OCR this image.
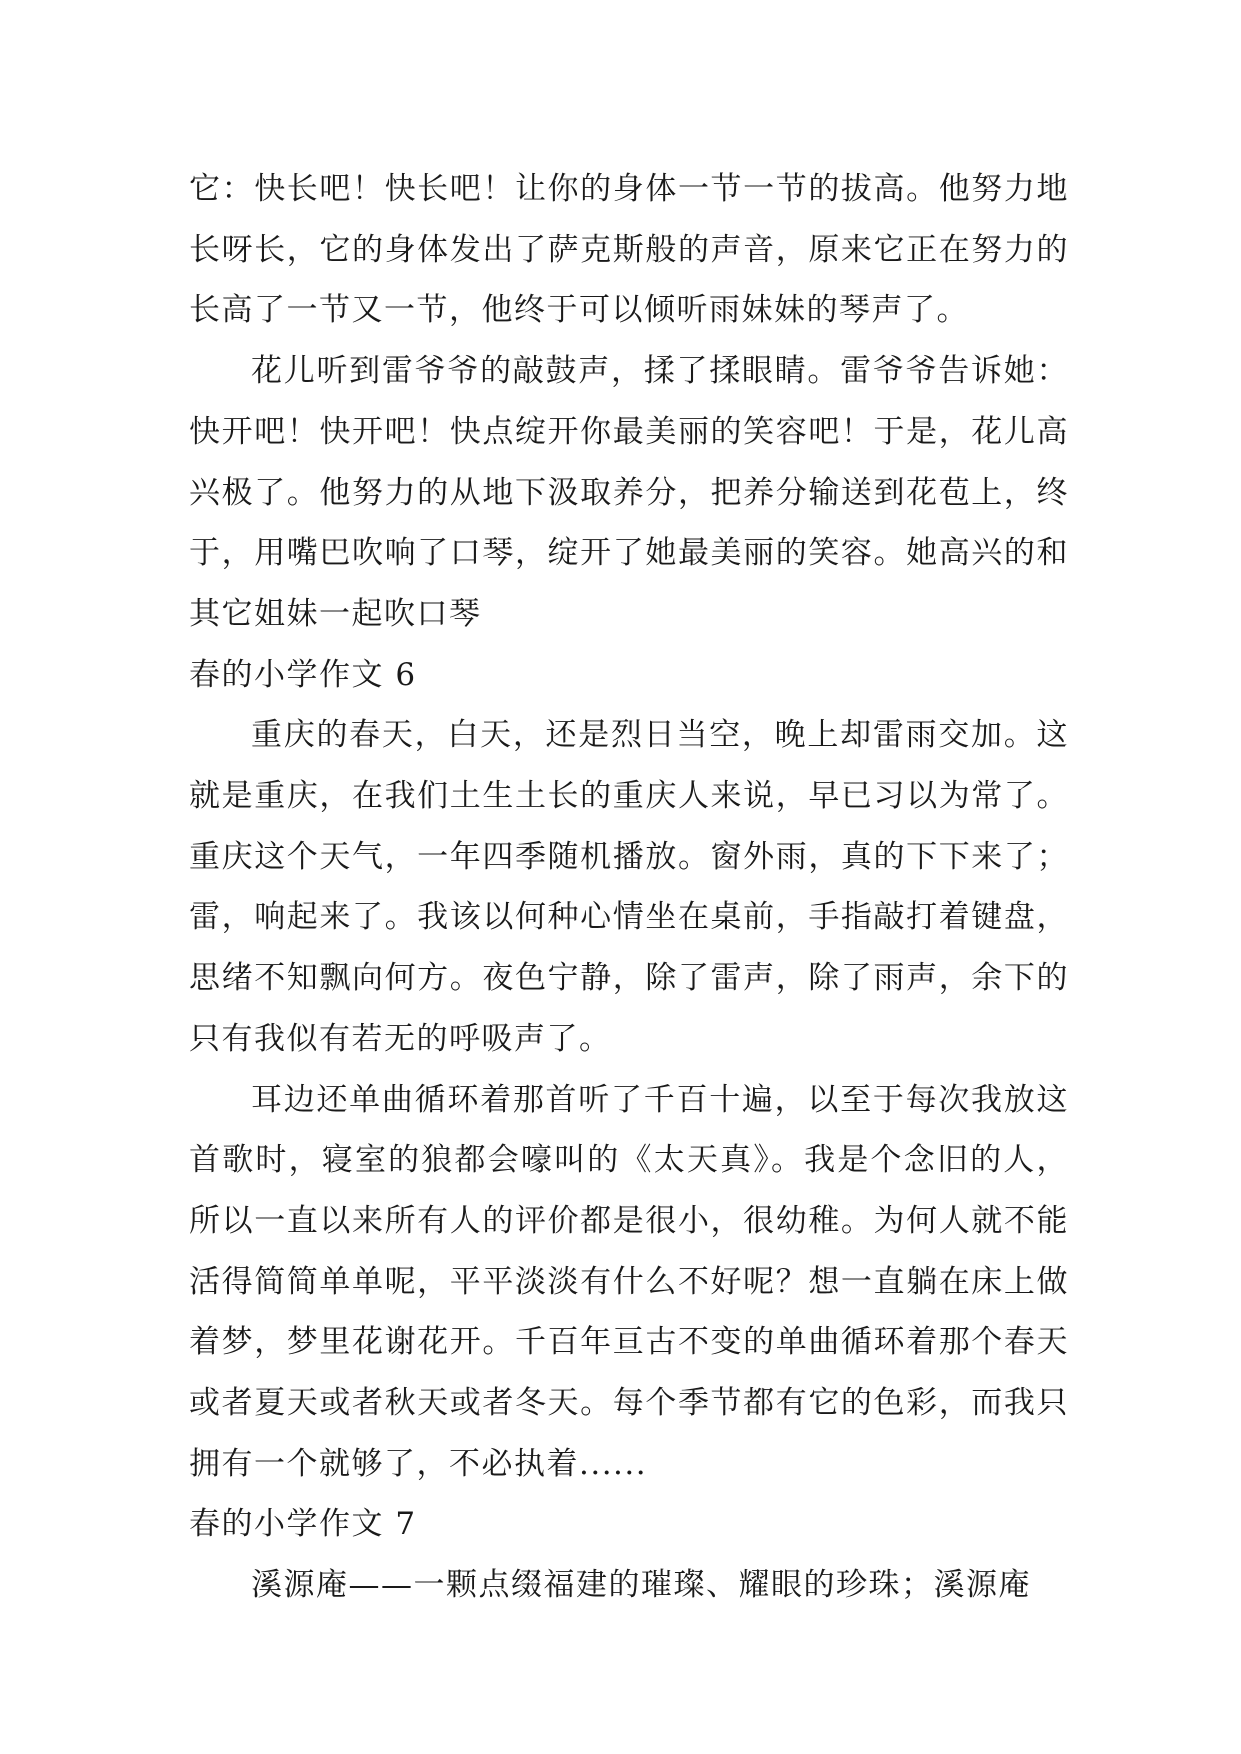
它：快长吧！快长吧！让你的身体一节一节的拔高。他努力地长呀长，它的身体发出了萨克斯般的声音，原来它正在努力的长高了一节又一节，他终于可以倾听雨妹妹的琴声了。

花儿听到雷爷爷的敲鼓声，揉了揉眼睛。雷爷爷告诉她：快开吧！快开吧！快点绽开你最美丽的笑容吧！于是，花儿高兴极了。他努力的从地下汲取养分，把养分输送到花苞上，终于，用嘴巴吹响了口琴，绽开了她最美丽的笑容。她高兴的和其它姐妹一起吹口琴

春的小学作文 6

重庆的春天，白天，还是烈日当空，晚上却雷雨交加。这就是重庆，在我们土生土长的重庆人来说，早已习以为常了。重庆这个天气，一年四季随机播放。窗外雨，真的下下来了；雷，响起来了。我该以何种心情坐在桌前，手指敲打着键盘，思绪不知飘向何方。夜色宁静，除了雷声，除了雨声，余下的只有我似有若无的呼吸声了。

耳边还单曲循环着那首听了千百十遍，以至于每次我放这首歌时，寝室的狼都会嚎叫的《太天真》。我是个念旧的人，所以一直以来所有人的评价都是很小，很幼稚。为何人就不能活得简简单单呢，平平淡淡有什么不好呢？想一直躺在床上做着梦，梦里花谢花开。千百年亘古不变的单曲循环着那个春天或者夏天或者秋天或者冬天。每个季节都有它的色彩，而我只拥有一个就够了，不必执着......

春的小学作文 7

溪源庵——一颗点缀福建的璀璨、耀眼的珍珠；溪源庵
